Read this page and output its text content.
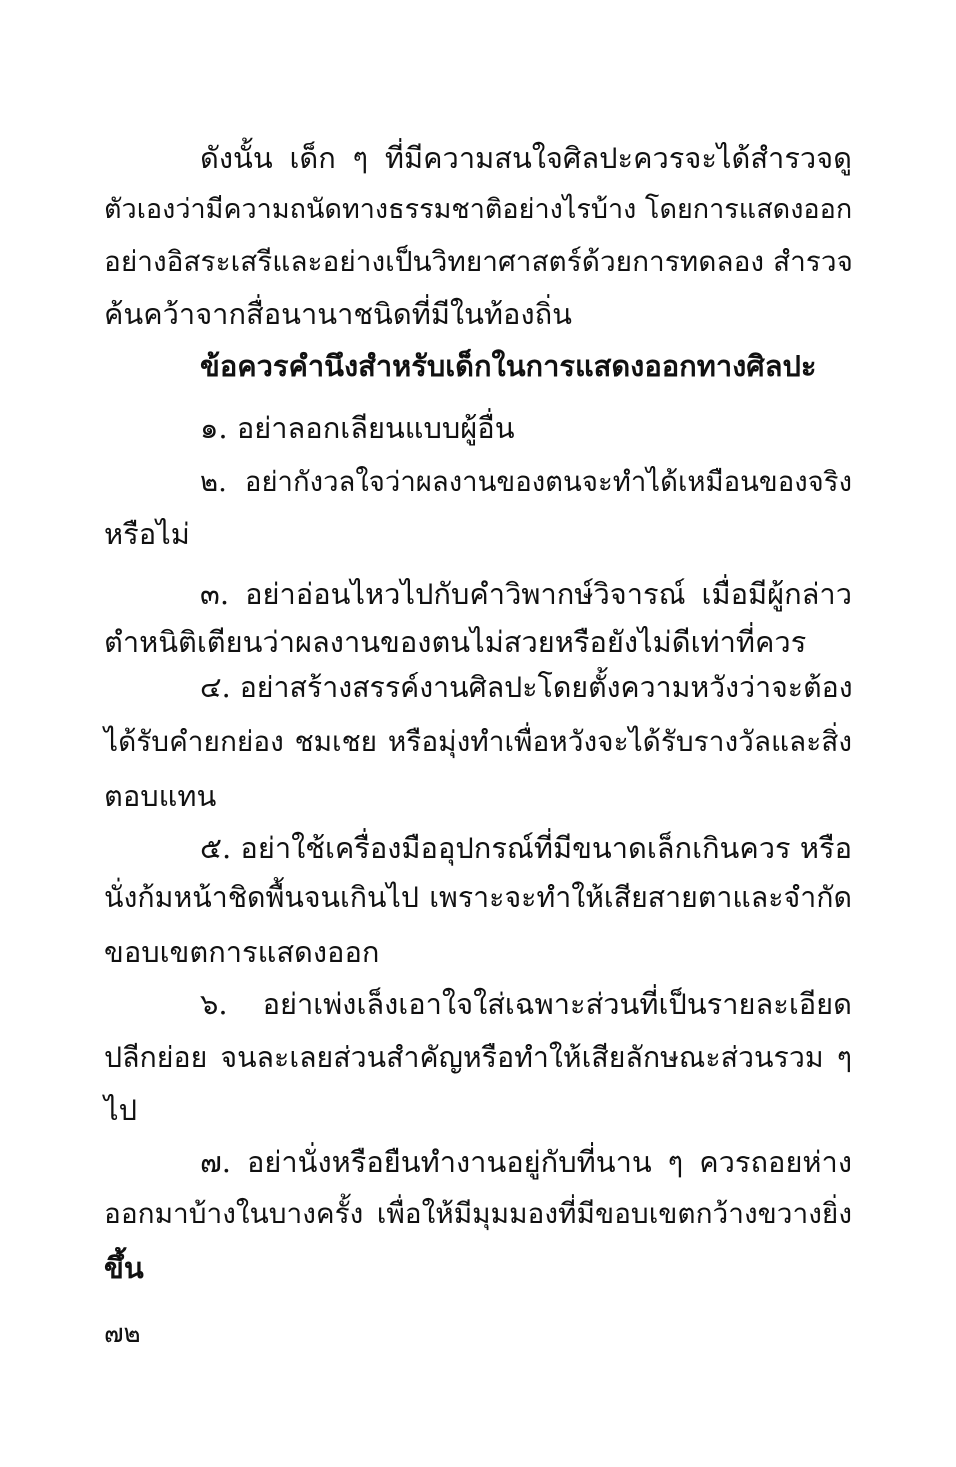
ดังนั้น เด็ก ๆ ที่มีความสนใจศิลปะควรจะได้สำรวจดู
ตัวเองว่ามีความถนัดทางธรรมชาติอย่างไรบ้าง โดยการแสดงออก
อย่างอิสระเสรีและอย่างเป็นวิทยาศาสตร์ด้วยการทดลอง สำรวจ
ค้นคว้าจากสื่อนานาชนิดที่มีในท้องถิ่น
ข้อควรคำนึงสำหรับเด็กในการแสดงออกทางศิลปะ
๑. อย่าลอกเลียนแบบผู้อื่น
๒. อย่ากังวลใจว่าผลงานของตนจะทำได้เหมือนของจริง
หรือไม่
๓. อย่าอ่อนไหวไปกับคำวิพากษ์วิจารณ์ เมื่อมีผู้กล่าว
ตำหนิติเตียนว่าผลงานของตนไม่สวยหรือยังไม่ดีเท่าที่ควร
๔. อย่าสร้างสรรค์งานศิลปะโดยตั้งความหวังว่าจะต้อง
ได้รับคำยกย่อง ชมเชย หรือมุ่งทำเพื่อหวังจะได้รับรางวัลและสิ่ง
ตอบแทน
๕. อย่าใช้เครื่องมืออุปกรณ์ที่มีขนาดเล็กเกินควร หรือ
นั่งก้มหน้าชิดพื้นจนเกินไป เพราะจะทำให้เสียสายตาและจำกัด
ขอบเขตการแสดงออก
๖. อย่าเพ่งเล็งเอาใจใส่เฉพาะส่วนที่เป็นรายละเอียด
ปลีกย่อย จนละเลยส่วนสำคัญหรือทำให้เสียลักษณะส่วนรวม ๆ
ไป
๗. อย่านั่งหรือยืนทำงานอยู่กับที่นาน ๆ ควรถอยห่าง
ออกมาบ้างในบางครั้ง เพื่อให้มีมุมมองที่มีขอบเขตกว้างขวางยิ่ง
ขึ้น
๗๒
